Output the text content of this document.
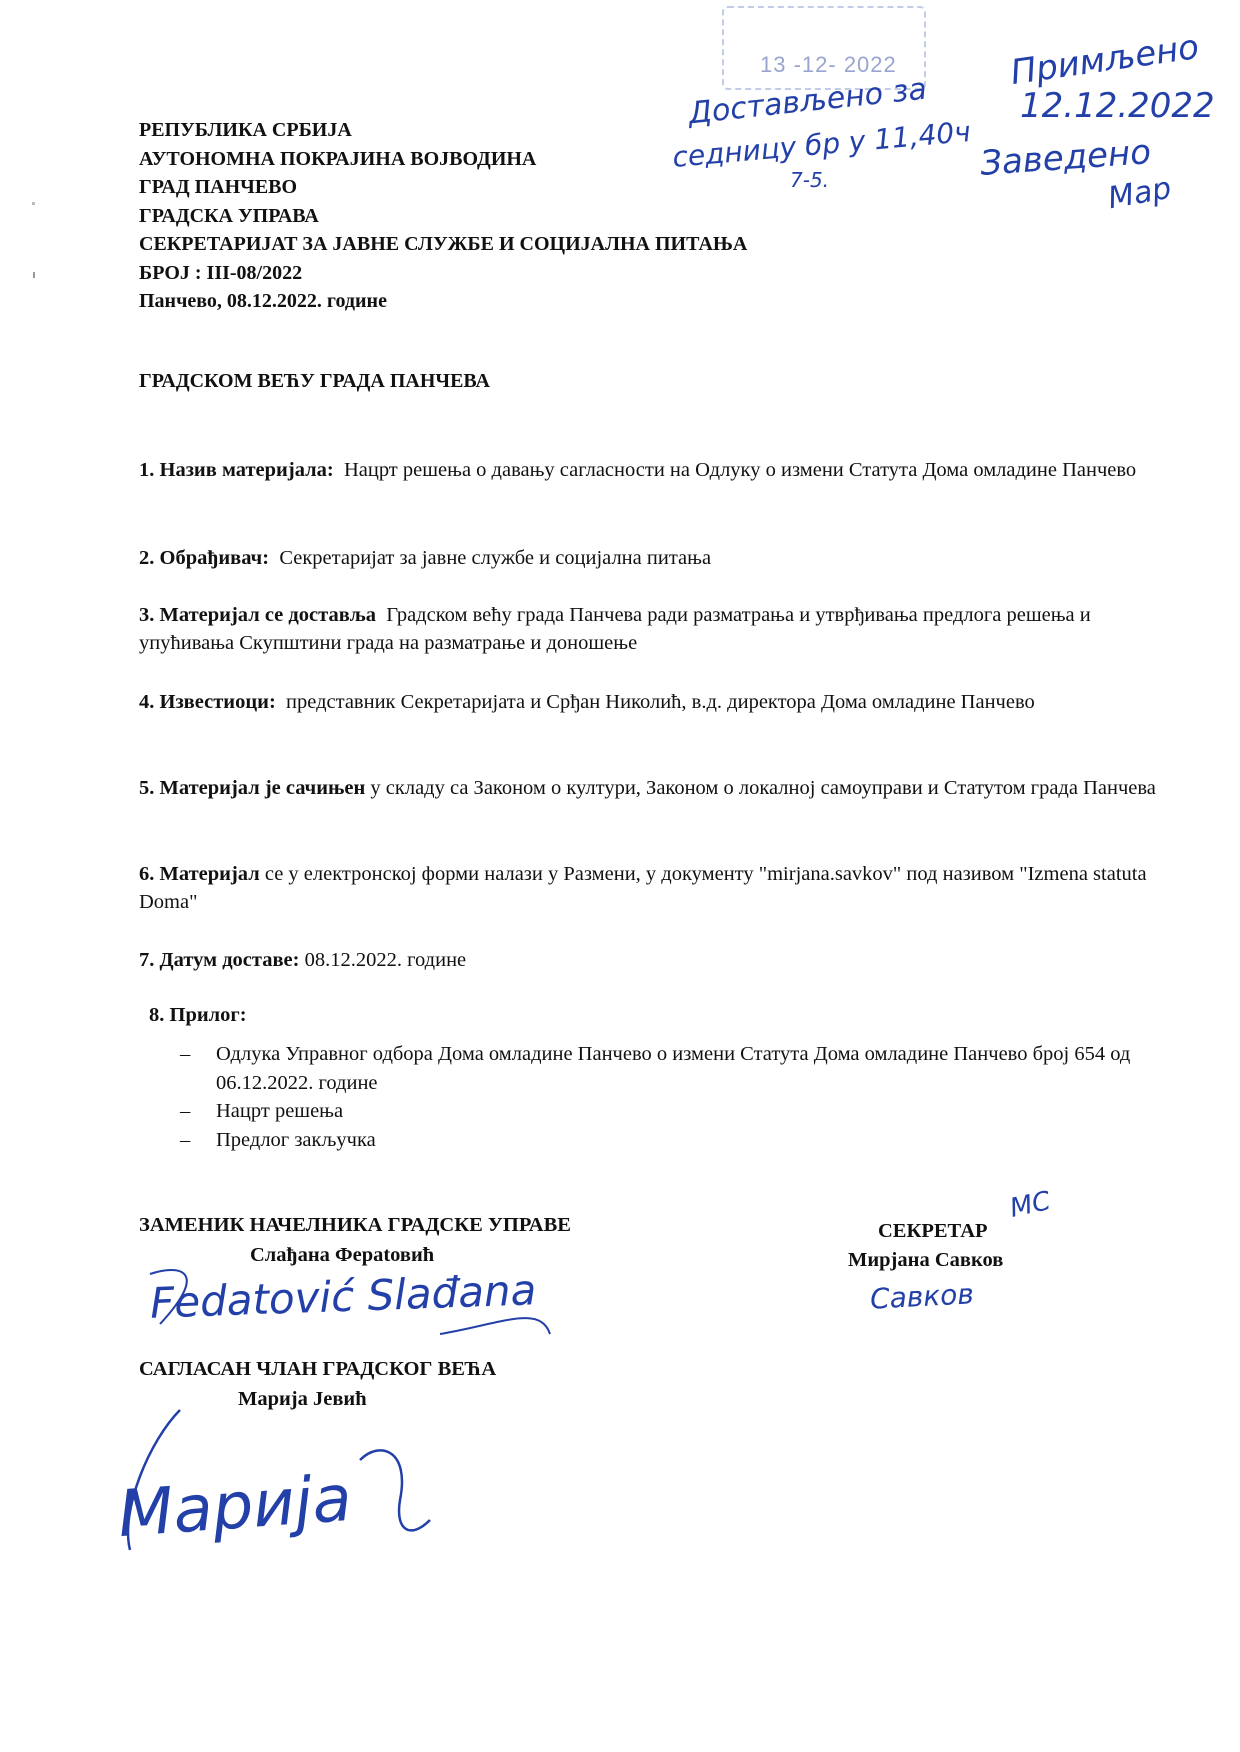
13 -12- 2022
Достављено за
седницу бр у 11,40ч
7-5.
Примљено
12.12.2022
Заведено
Мар
РЕПУБЛИКА СРБИЈА
АУТОНОМНА ПОКРАЈИНА ВОЈВОДИНА
ГРАД ПАНЧЕВО
ГРАДСКА УПРАВА
СЕКРЕТАРИЈАТ ЗА ЈАВНЕ СЛУЖБЕ И СОЦИЈАЛНА ПИТАЊА
БРОЈ : III-08/2022
Панчево, 08.12.2022. године
ГРАДСКОМ ВЕЋУ ГРАДА ПАНЧЕВА
1. Назив материјала: Нацрт решења о давању сагласности на Одлуку о измени Статута Дома омладине Панчево
2. Обрађивач: Секретаријат за јавне службе и социјална питања
3. Материјал се доставља Градском већу града Панчева ради разматрања и утврђивања предлога решења и упућивања Скупштини града на разматрање и доношење
4. Известиоци: представник Секретаријата и Срђан Николић, в.д. директора Дома омладине Панчево
5. Материјал је сачињен у складу са Законом о култури, Законом о локалној самоуправи и Статутом града Панчева
6. Материјал се у електронској форми налази у Размени, у документу "mirjana.savkov" под називом "Izmena statuta Doma"
7. Датум доставе: 08.12.2022. године
8. Прилог:
–	Одлука Управног одбора Дома омладине Панчево о измени Статута Дома омладине Панчево број 654 од 06.12.2022. године
–	Нацрт решења
–	Предлог закључка
ЗАМЕНИК НАЧЕЛНИКА ГРАДСКЕ УПРАВЕ
Слађана Ферatовић
СЕКРЕТАР
Мирјана Савков
САГЛАСАН ЧЛАН ГРАДСКОГ ВЕЋА
Марија Јевић
Fedatović Slađana	Савков
МС
Марија
